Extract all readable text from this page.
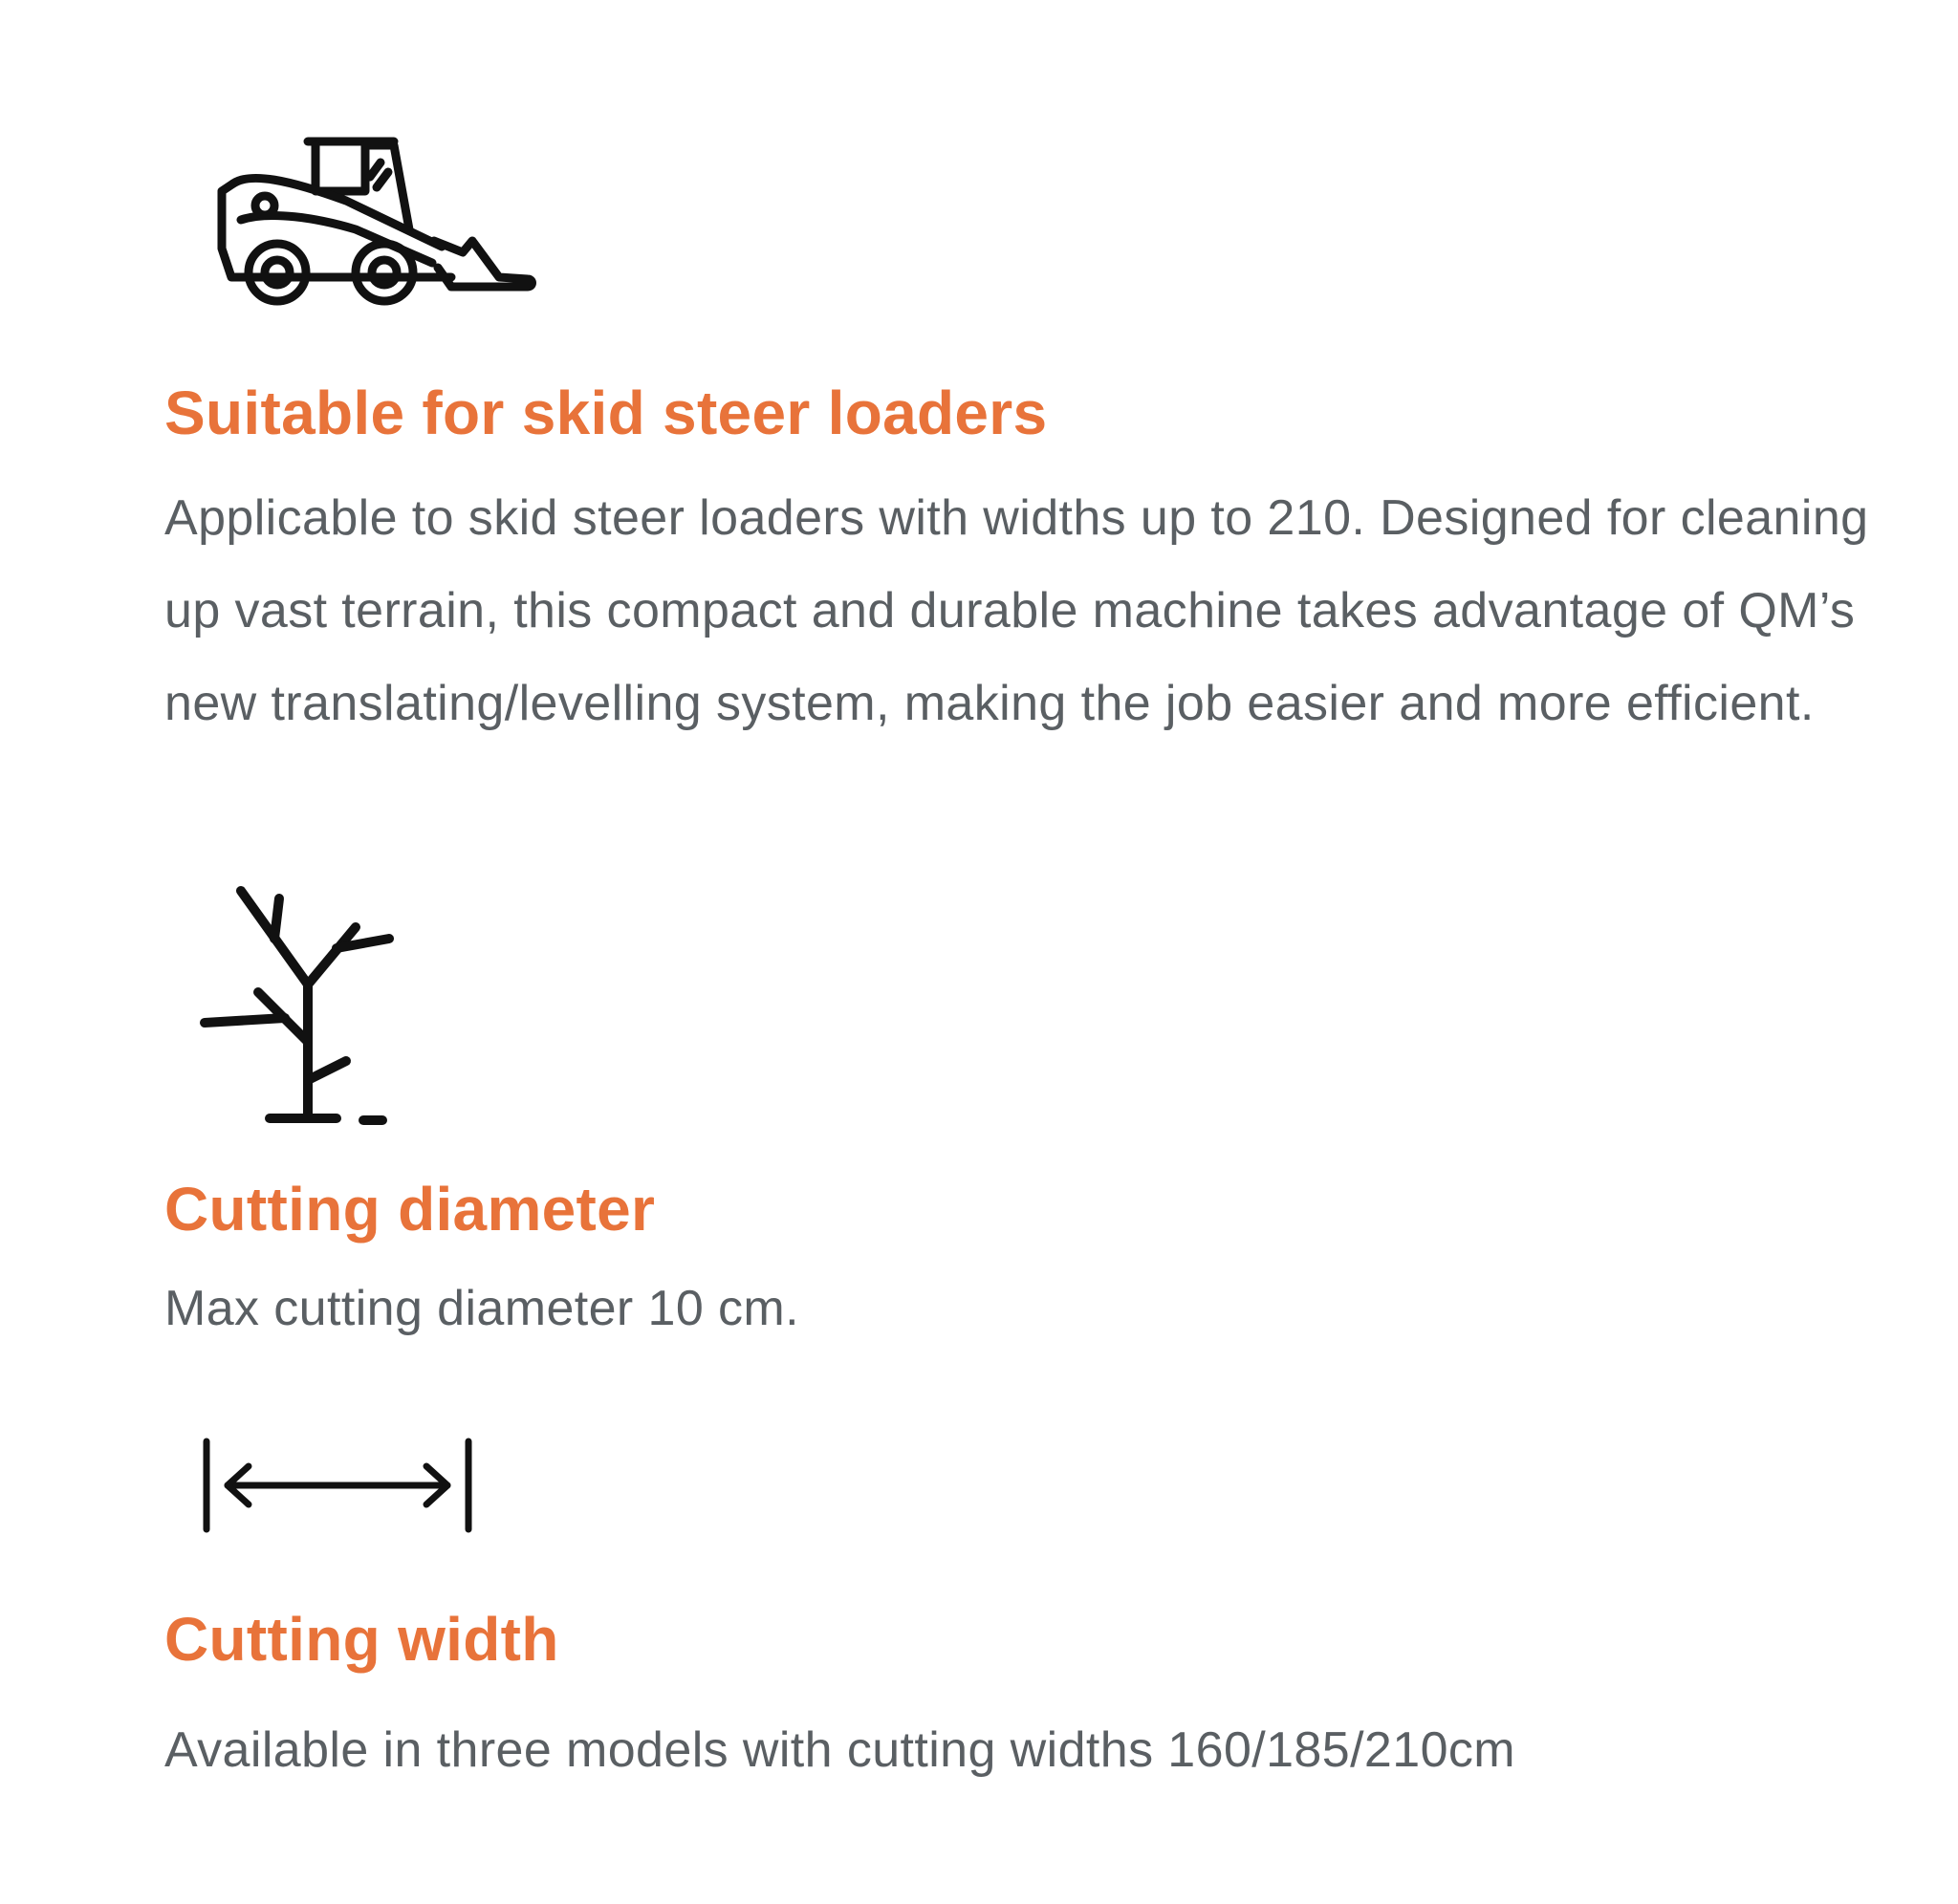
Suitable for skid steer loaders

Applicable to skid steer loaders with widths up to 210. Designed for cleaning up vast terrain, this compact and durable machine takes advantage of QM’s new translating/levelling system, making the job easier and more efficient.

Cutting diameter

Max cutting diameter 10 cm.

Cutting width

Available in three models with cutting widths 160/185/210cm
